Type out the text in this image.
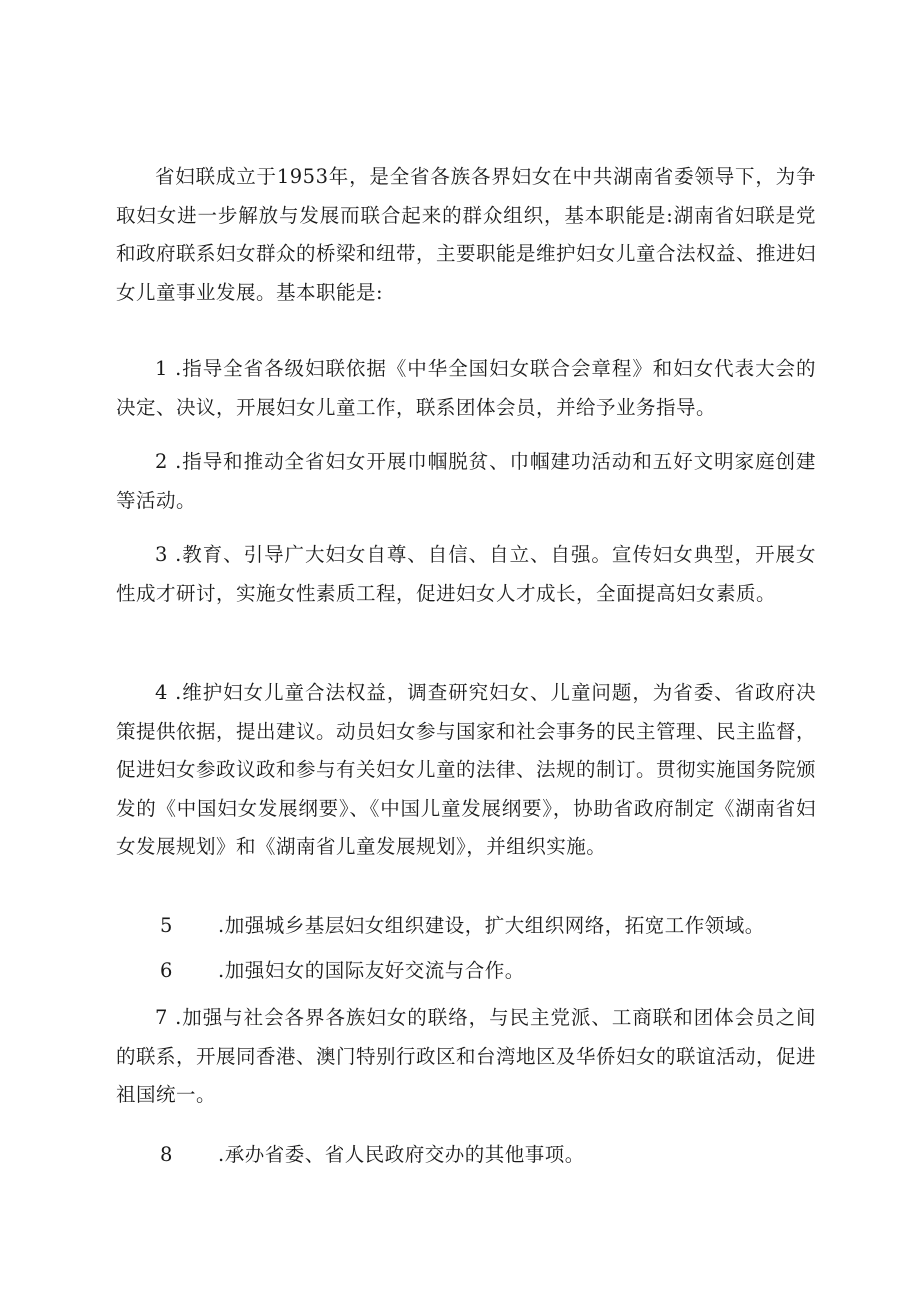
省妇联成立于1953年，是全省各族各界妇女在中共湖南省委领导下，为争取妇女进一步解放与发展而联合起来的群众组织，基本职能是:湖南省妇联是党和政府联系妇女群众的桥梁和纽带，主要职能是维护妇女儿童合法权益、推进妇女儿童事业发展。基本职能是:

1 .指导全省各级妇联依据《中华全国妇女联合会章程》和妇女代表大会的决定、决议，开展妇女儿童工作，联系团体会员，并给予业务指导。

2 .指导和推动全省妇女开展巾帼脱贫、巾帼建功活动和五好文明家庭创建等活动。

3 .教育、引导广大妇女自尊、自信、自立、自强。宣传妇女典型，开展女性成才研讨，实施女性素质工程，促进妇女人才成长，全面提高妇女素质。

4 .维护妇女儿童合法权益，调查研究妇女、儿童问题，为省委、省政府决策提供依据，提出建议。动员妇女参与国家和社会事务的民主管理、民主监督，促进妇女参政议政和参与有关妇女儿童的法律、法规的制订。贯彻实施国务院颁发的《中国妇女发展纲要》、《中国儿童发展纲要》，协助省政府制定《湖南省妇女发展规划》和《湖南省儿童发展规划》，并组织实施。

5 .加强城乡基层妇女组织建设，扩大组织网络，拓宽工作领域。

6 .加强妇女的国际友好交流与合作。

7 .加强与社会各界各族妇女的联络，与民主党派、工商联和团体会员之间的联系，开展同香港、澳门特别行政区和台湾地区及华侨妇女的联谊活动，促进祖国统一。

8 .承办省委、省人民政府交办的其他事项。
